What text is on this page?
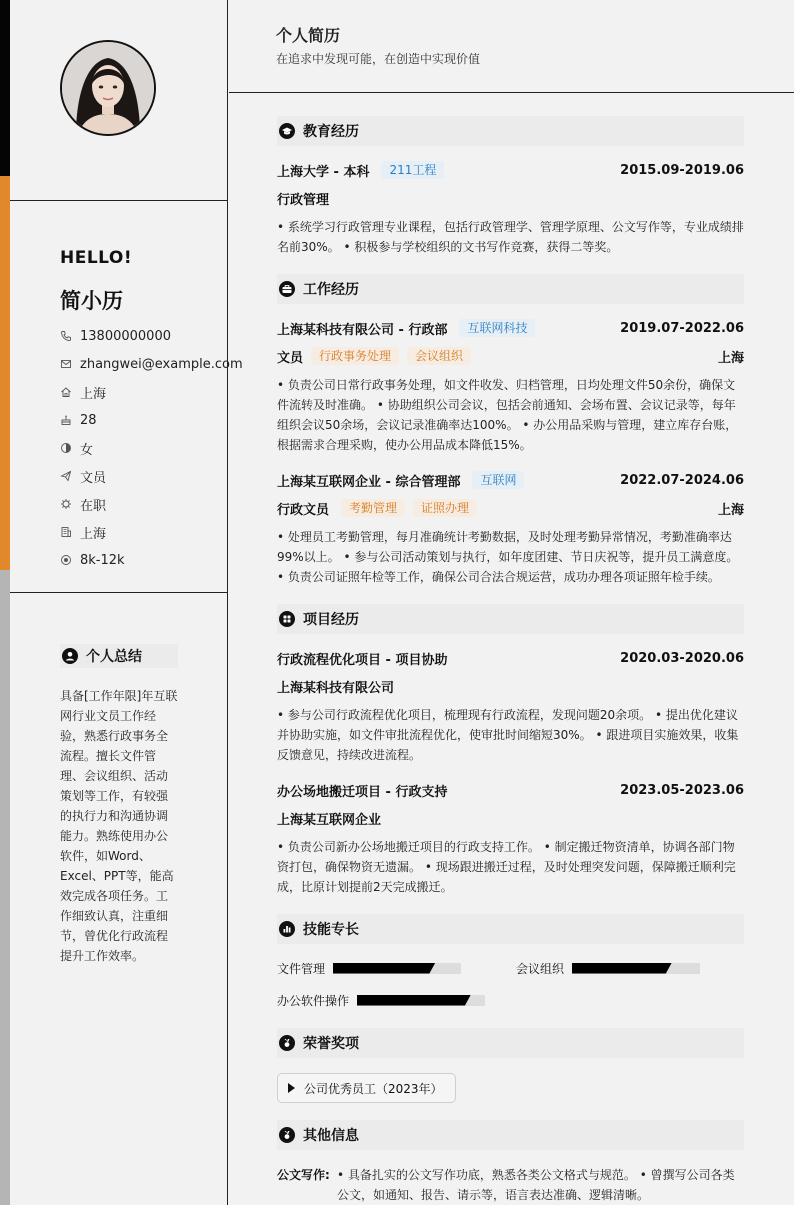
HELLO!
简小历
13800000000
zhangwei@example.com
上海
28
女
文员
在职
上海
8k-12k
个人总结
具备[工作年限]年互联网行业文员工作经验，熟悉行政事务全流程。擅长文件管理、会议组织、活动策划等工作，有较强的执行力和沟通协调能力。熟练使用办公软件，如Word、Excel、PPT等，能高效完成各项任务。工作细致认真，注重细节，曾优化行政流程提升工作效率。
个人简历
在追求中发现可能，在创造中实现价值
教育经历
上海大学 - 本科	211工程	2015.09-2019.06
行政管理
• 系统学习行政管理专业课程，包括行政管理学、管理学原理、公文写作等，专业成绩排名前30%。 • 积极参与学校组织的文书写作竞赛，获得二等奖。
工作经历
上海某科技有限公司 - 行政部	互联网科技	2019.07-2022.06
文员	行政事务处理	会议组织	上海
• 负责公司日常行政事务处理，如文件收发、归档管理，日均处理文件50余份，确保文件流转及时准确。 • 协助组织公司会议，包括会前通知、会场布置、会议记录等，每年组织会议50余场，会议记录准确率达100%。 • 办公用品采购与管理，建立库存台账，根据需求合理采购，使办公用品成本降低15%。
上海某互联网企业 - 综合管理部	互联网	2022.07-2024.06
行政文员	考勤管理	证照办理	上海
• 处理员工考勤管理，每月准确统计考勤数据，及时处理考勤异常情况，考勤准确率达99%以上。 • 参与公司活动策划与执行，如年度团建、节日庆祝等，提升员工满意度。 • 负责公司证照年检等工作，确保公司合法合规运营，成功办理各项证照年检手续。
项目经历
行政流程优化项目 - 项目协助	2020.03-2020.06
上海某科技有限公司
• 参与公司行政流程优化项目，梳理现有行政流程，发现问题20余项。 • 提出优化建议并协助实施，如文件审批流程优化，使审批时间缩短30%。 • 跟进项目实施效果，收集反馈意见，持续改进流程。
办公场地搬迁项目 - 行政支持	2023.05-2023.06
上海某互联网企业
• 负责公司新办公场地搬迁项目的行政支持工作。 • 制定搬迁物资清单，协调各部门物资打包，确保物资无遗漏。 • 现场跟进搬迁过程，及时处理突发问题，保障搬迁顺利完成，比原计划提前2天完成搬迁。
技能专长
文件管理	会议组织
办公软件操作
荣誉奖项
公司优秀员工（2023年）
其他信息
公文写作: • 具备扎实的公文写作功底，熟悉各类公文格式与规范。 • 曾撰写公司各类公文，如通知、报告、请示等，语言表达准确、逻辑清晰。
